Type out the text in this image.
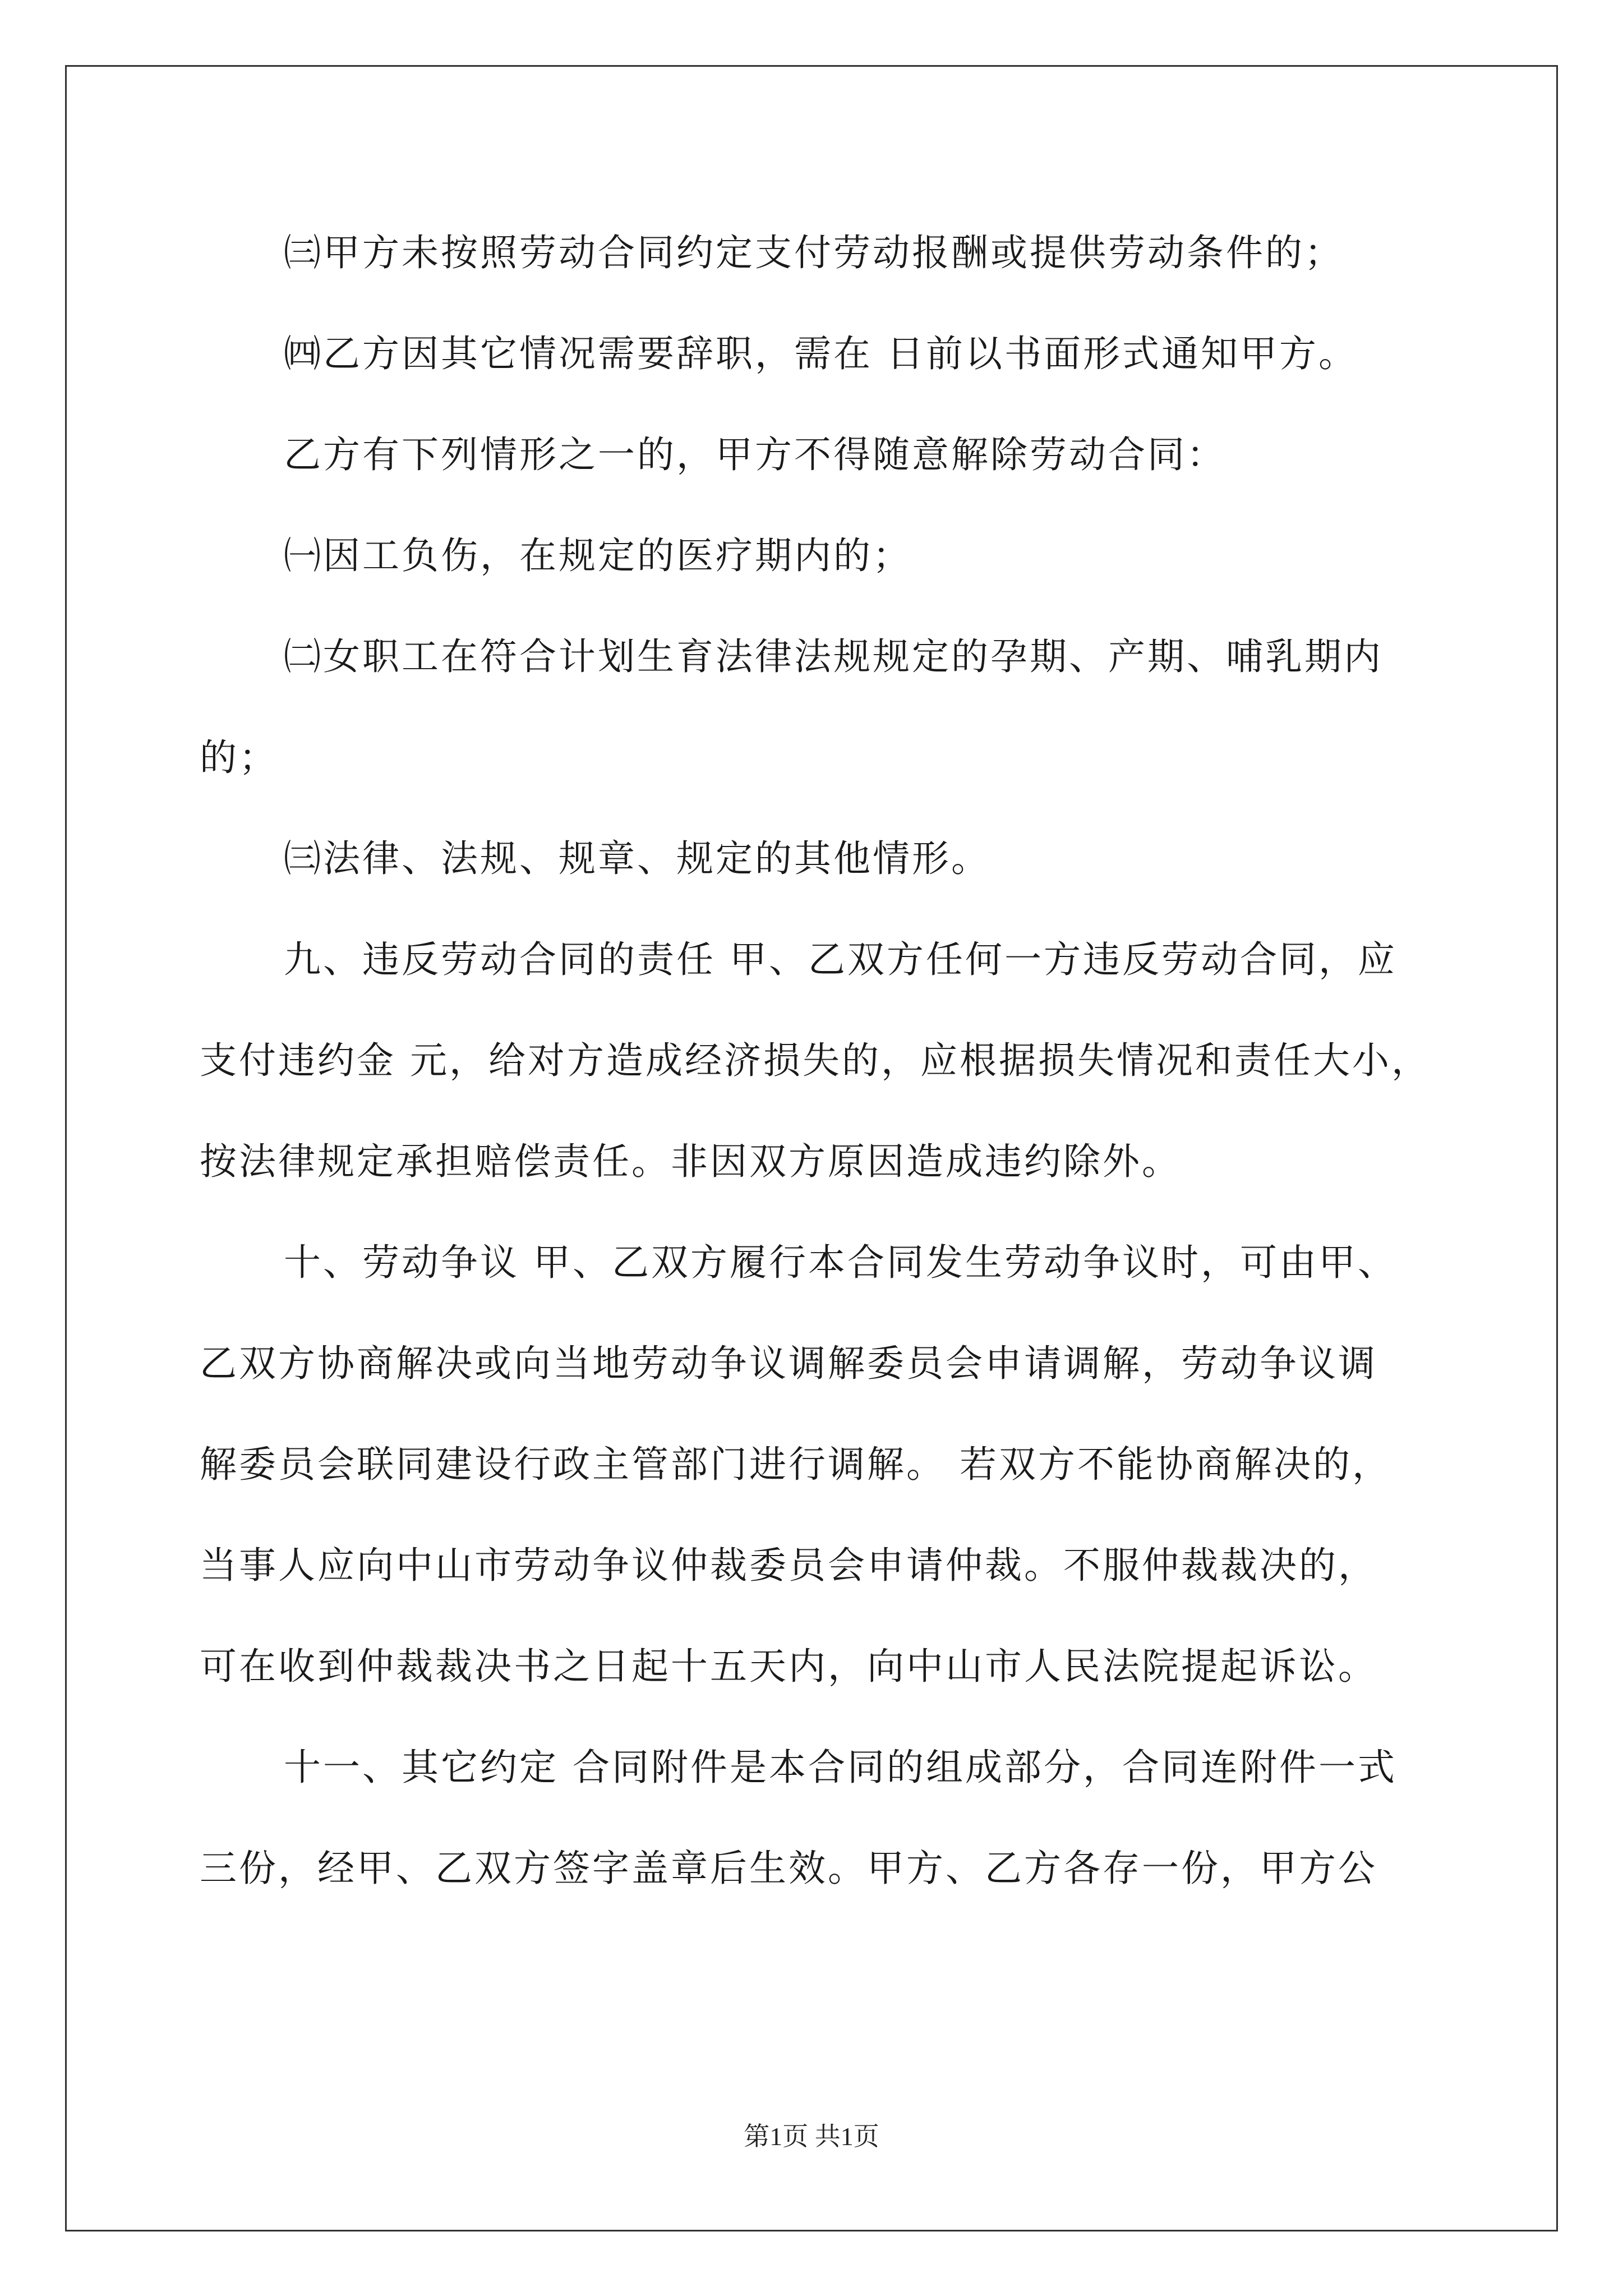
㈢甲方未按照劳动合同约定支付劳动报酬或提供劳动条件的；
㈣乙方因其它情况需要辞职，需在 日前以书面形式通知甲方。
乙方有下列情形之一的，甲方不得随意解除劳动合同：
㈠因工负伤，在规定的医疗期内的；
㈡女职工在符合计划生育法律法规规定的孕期、产期、哺乳期内
的；
㈢法律、法规、规章、规定的其他情形。
九、违反劳动合同的责任 甲、乙双方任何一方违反劳动合同，应
支付违约金 元，给对方造成经济损失的，应根据损失情况和责任大小，
按法律规定承担赔偿责任。非因双方原因造成违约除外。
十、劳动争议 甲、乙双方履行本合同发生劳动争议时，可由甲、
乙双方协商解决或向当地劳动争议调解委员会申请调解，劳动争议调
解委员会联同建设行政主管部门进行调解。 若双方不能协商解决的，
当事人应向中山市劳动争议仲裁委员会申请仲裁。不服仲裁裁决的，
可在收到仲裁裁决书之日起十五天内，向中山市人民法院提起诉讼。
十一、其它约定 合同附件是本合同的组成部分，合同连附件一式
三份，经甲、乙双方签字盖章后生效。甲方、乙方各存一份，甲方公
第1页 共1页
